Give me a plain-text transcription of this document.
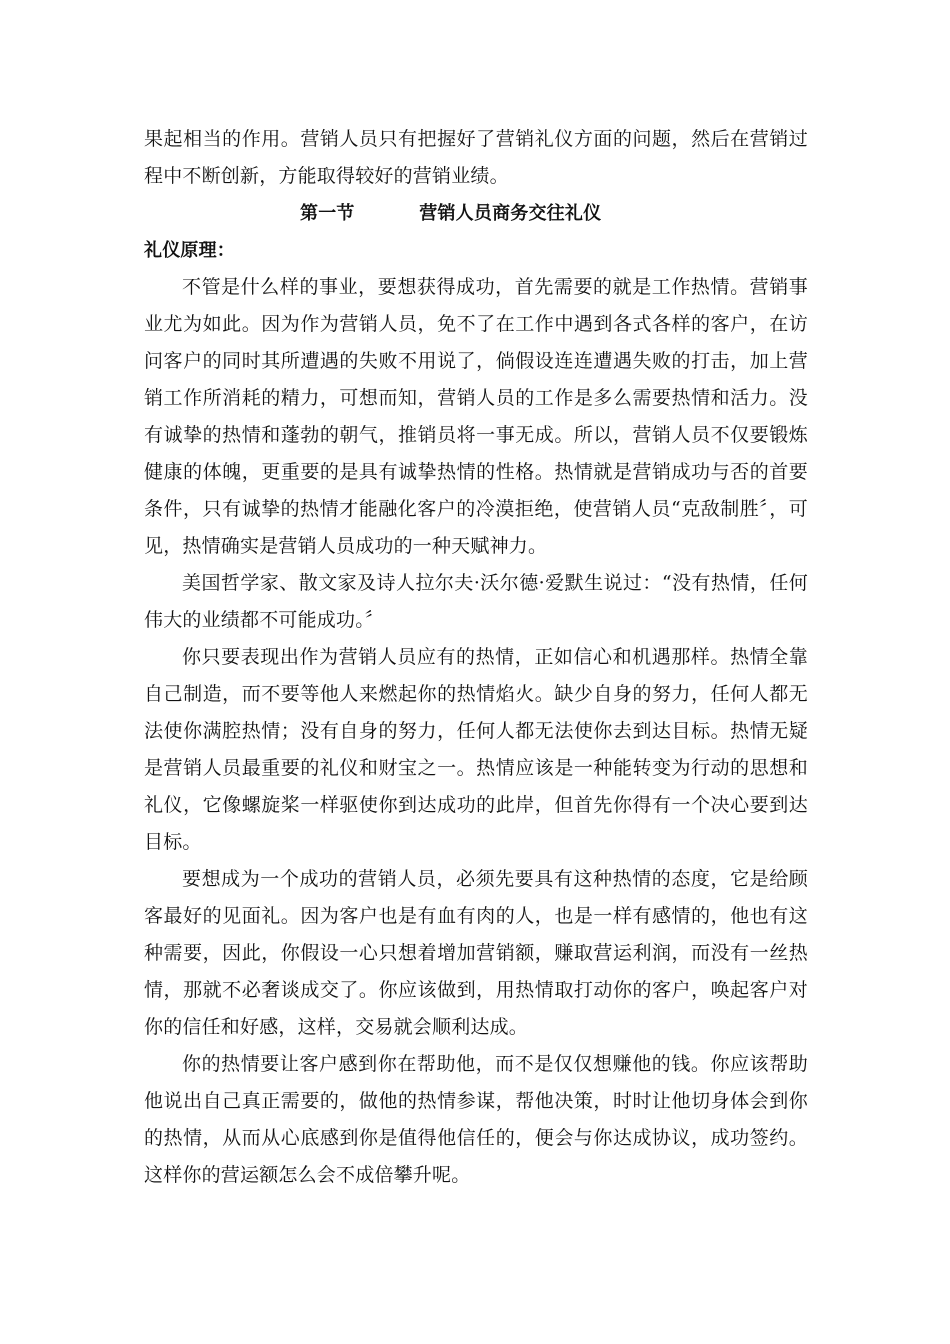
果起相当的作用。营销人员只有把握好了营销礼仪方面的问题，然后在营销过程中不断创新，方能取得较好的营销业绩。

第一节	营销人员商务交往礼仪

礼仪原理：

不管是什么样的事业，要想获得成功，首先需要的就是工作热情。营销事业尤为如此。因为作为营销人员，免不了在工作中遇到各式各样的客户，在访问客户的同时其所遭遇的失败不用说了，倘假设连连遭遇失败的打击，加上营销工作所消耗的精力，可想而知，营销人员的工作是多么需要热情和活力。没有诚挚的热情和蓬勃的朝气，推销员将一事无成。所以，营销人员不仅要锻炼健康的体魄，更重要的是具有诚挚热情的性格。热情就是营销成功与否的首要条件，只有诚挚的热情才能融化客户的冷漠拒绝，使营销人员“克敌制胜〞，可见，热情确实是营销人员成功的一种天赋神力。

美国哲学家、散文家及诗人拉尔夫·沃尔德·爱默生说过：“没有热情，任何伟大的业绩都不可能成功。〞

你只要表现出作为营销人员应有的热情，正如信心和机遇那样。热情全靠自己制造，而不要等他人来燃起你的热情焰火。缺少自身的努力，任何人都无法使你满腔热情；没有自身的努力，任何人都无法使你去到达目标。热情无疑是营销人员最重要的礼仪和财宝之一。热情应该是一种能转变为行动的思想和礼仪，它像螺旋桨一样驱使你到达成功的此岸，但首先你得有一个决心要到达目标。

要想成为一个成功的营销人员，必须先要具有这种热情的态度，它是给顾客最好的见面礼。因为客户也是有血有肉的人，也是一样有感情的，他也有这种需要，因此，你假设一心只想着增加营销额，赚取营运利润，而没有一丝热情，那就不必奢谈成交了。你应该做到，用热情取打动你的客户，唤起客户对你的信任和好感，这样，交易就会顺利达成。

你的热情要让客户感到你在帮助他，而不是仅仅想赚他的钱。你应该帮助他说出自己真正需要的，做他的热情参谋，帮他决策，时时让他切身体会到你的热情，从而从心底感到你是值得他信任的，便会与你达成协议，成功签约。这样你的营运额怎么会不成倍攀升呢。
